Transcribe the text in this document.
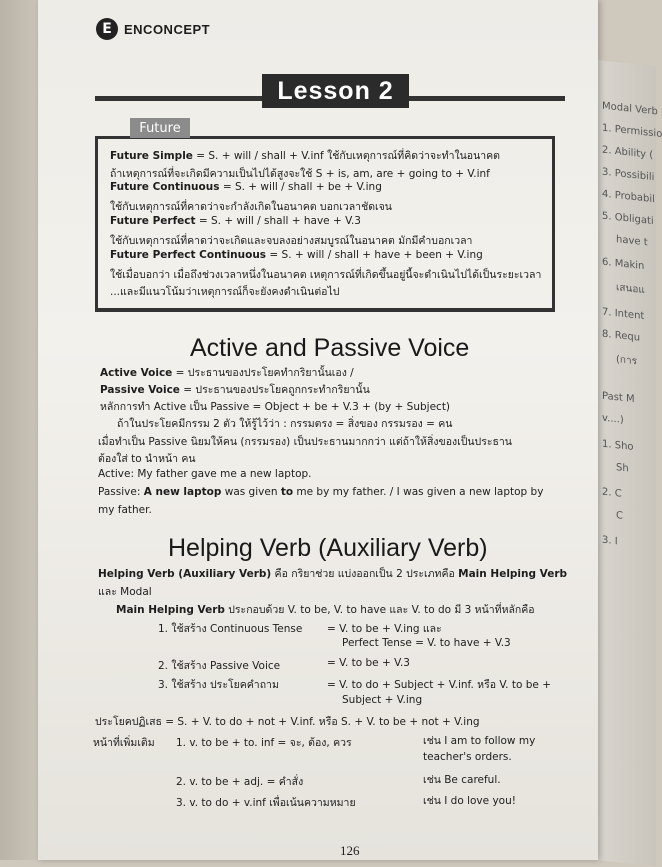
Modal Verb
1. Permissio
2. Ability (
3. Possibili
4. Probabil
5. Obligati
have t
6. Makin
เสนอแ
7. Intent
8. Requ
(การ
Past M
v....)
1. Sho
Sh
2. C
C
3. I
E ENCONCEPT
Lesson 2
Future
Future Simple = S. + will / shall + V.inf ใช้กับเหตุการณ์ที่คิดว่าจะทำในอนาคต
ถ้าเหตุการณ์ที่จะเกิดมีความเป็นไปได้สูงจะใช้ S + is, am, are + going to + V.inf
Future Continuous = S. + will / shall + be + V.ing
ใช้กับเหตุการณ์ที่คาดว่าจะกำลังเกิดในอนาคต บอกเวลาชัดเจน
Future Perfect = S. + will / shall + have + V.3
ใช้กับเหตุการณ์ที่คาดว่าจะเกิดและจบลงอย่างสมบูรณ์ในอนาคต มักมีคำบอกเวลา
Future Perfect Continuous = S. + will / shall + have + been + V.ing
ใช้เมื่อบอกว่า เมื่อถึงช่วงเวลาหนึ่งในอนาคต เหตุการณ์ที่เกิดขึ้นอยู่นี้จะดำเนินไปได้เป็นระยะเวลา
...และมีแนวโน้มว่าเหตุการณ์ก็จะยังคงดำเนินต่อไป
Active and Passive Voice
Active Voice = ประธานของประโยคทำกริยานั้นเอง /
Passive Voice = ประธานของประโยคถูกกระทำกริยานั้น
หลักการทำ Active เป็น Passive = Object + be + V.3 + (by + Subject)
ถ้าในประโยคมีกรรม 2 ตัว ให้รู้ไว้ว่า : กรรมตรง = สิ่งของ กรรมรอง = คน
เมื่อทำเป็น Passive นิยมให้คน (กรรมรอง) เป็นประธานมากกว่า แต่ถ้าให้สิ่งของเป็นประธาน
ต้องใส่ to นำหน้า คน
Active: My father gave me a new laptop.
Passive: A new laptop was given to me by my father. / I was given a new laptop by
my father.
Helping Verb (Auxiliary Verb)
Helping Verb (Auxiliary Verb) คือ กริยาช่วย แบ่งออกเป็น 2 ประเภทคือ Main Helping Verb
และ Modal
Main Helping Verb ประกอบด้วย V. to be, V. to have และ V. to do มี 3 หน้าที่หลักคือ
1. ใช้สร้าง Continuous Tense = V. to be + V.ing และ
Perfect Tense = V. to have + V.3
2. ใช้สร้าง Passive Voice	= V. to be + V.3
3. ใช้สร้าง ประโยคคำถาม	= V. to do + Subject + V.inf. หรือ V. to be +
Subject + V.ing
ประโยคปฏิเสธ = S. + V. to do + not + V.inf. หรือ S. + V. to be + not + V.ing
หน้าที่เพิ่มเติม 1. v. to be + to. inf = จะ, ต้อง, ควร	เช่น I am to follow my
teacher's orders.
2. v. to be + adj. = คำสั่ง	เช่น Be careful.
3. v. to do + v.inf เพื่อเน้นความหมาย	เช่น I do love you!
126
